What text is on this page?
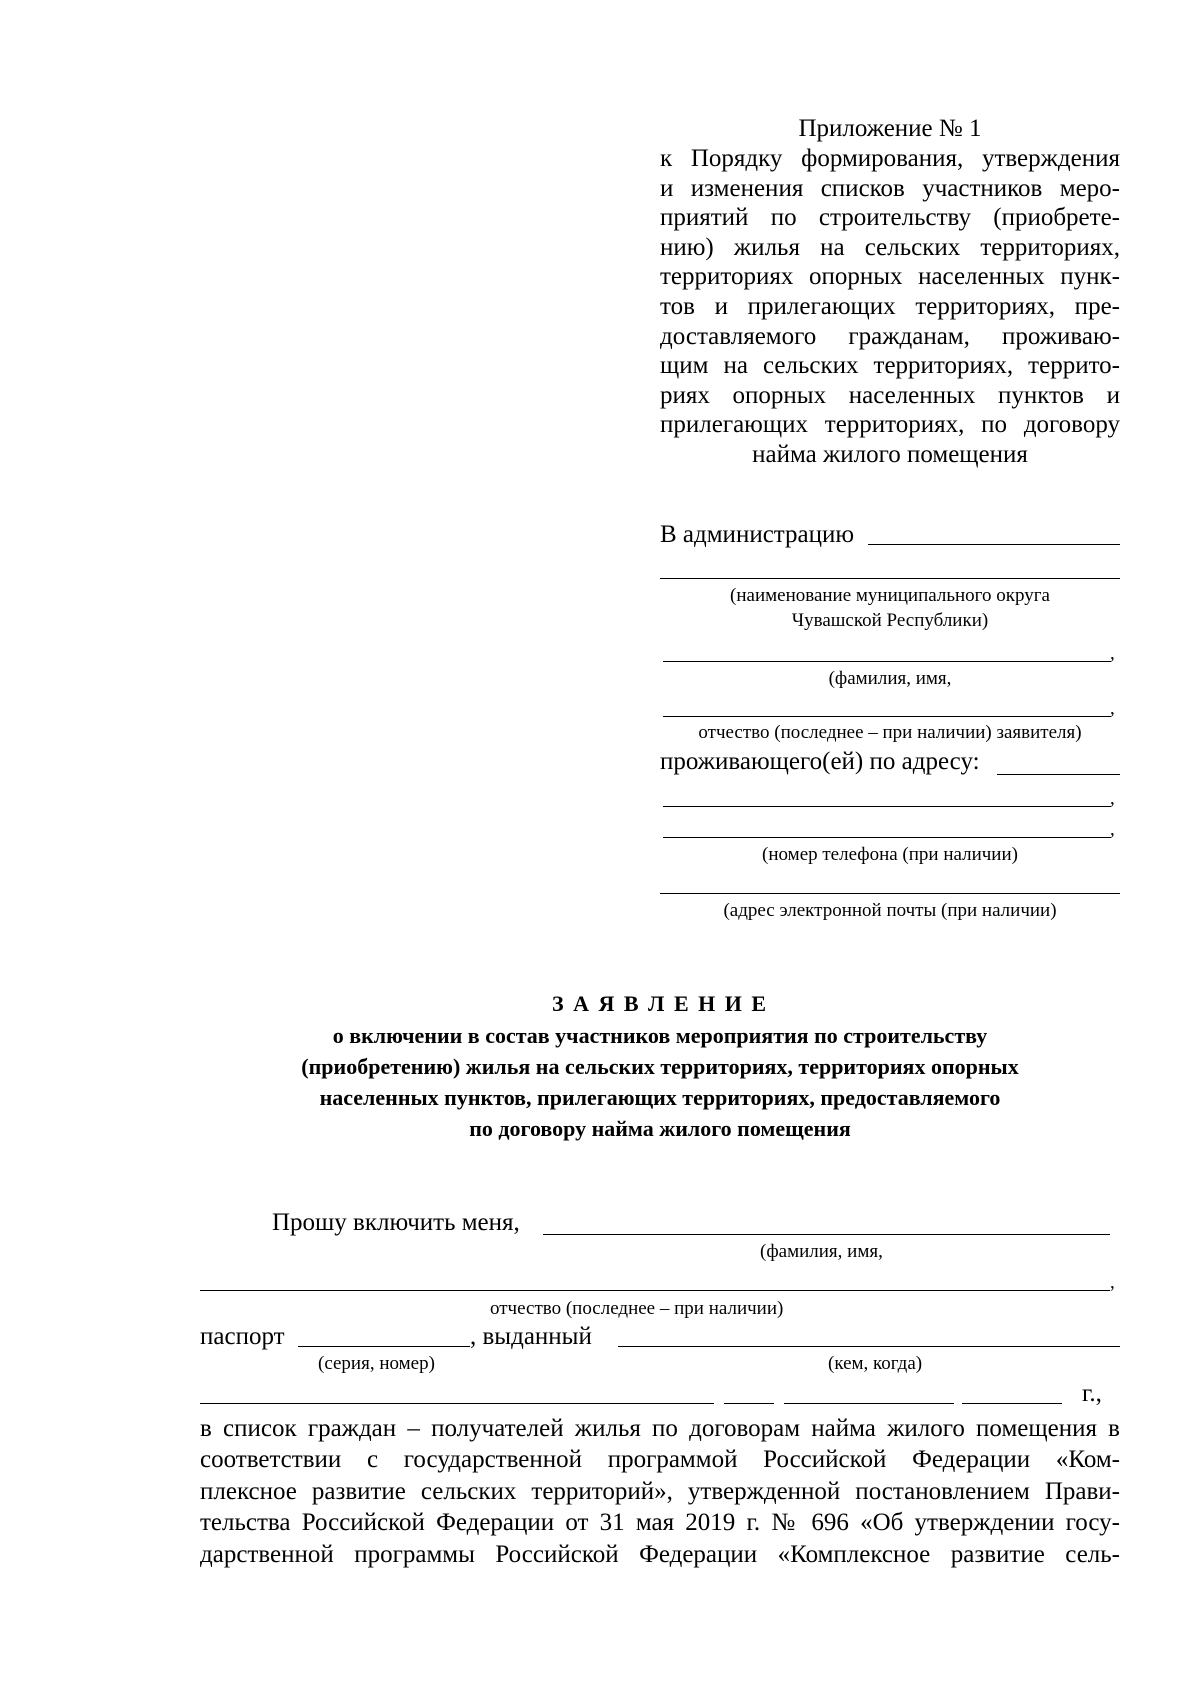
Приложение № 1
к Порядку формирования, утверждения
и изменения списков участников меро-
приятий по строительству (приобрете-
нию) жилья на сельских территориях,
территориях опорных населенных пунк-
тов и прилегающих территориях, пре-
доставляемого гражданам, проживаю-
щим на сельских территориях, террито-
риях опорных населенных пунктов и
прилегающих территориях, по договору
найма жилого помещения
В администрацию
(наименование муниципального округа
Чувашской Республики)
,
(фамилия, имя,
,
отчество (последнее – при наличии) заявителя)
проживающего(ей) по адресу:
,
,
(номер телефона (при наличии)
(адрес электронной почты (при наличии)
З А Я В Л Е Н И Е
о включении в состав участников мероприятия по строительству
(приобретению) жилья на сельских территориях, территориях опорных
населенных пунктов, прилегающих территориях, предоставляемого
по договору найма жилого помещения
Прошу включить меня,
(фамилия, имя,
,
отчество (последнее – при наличии)
паспорт	, выданный
(серия, номер)	(кем, когда)
г.,
в список граждан – получателей жилья по договорам найма жилого помещения в
соответствии с государственной программой Российской Федерации «Ком-
плексное развитие сельских территорий», утвержденной постановлением Прави-
тельства Российской Федерации от 31 мая 2019 г. № 696 «Об утверждении госу-
дарственной программы Российской Федерации «Комплексное развитие сель-
